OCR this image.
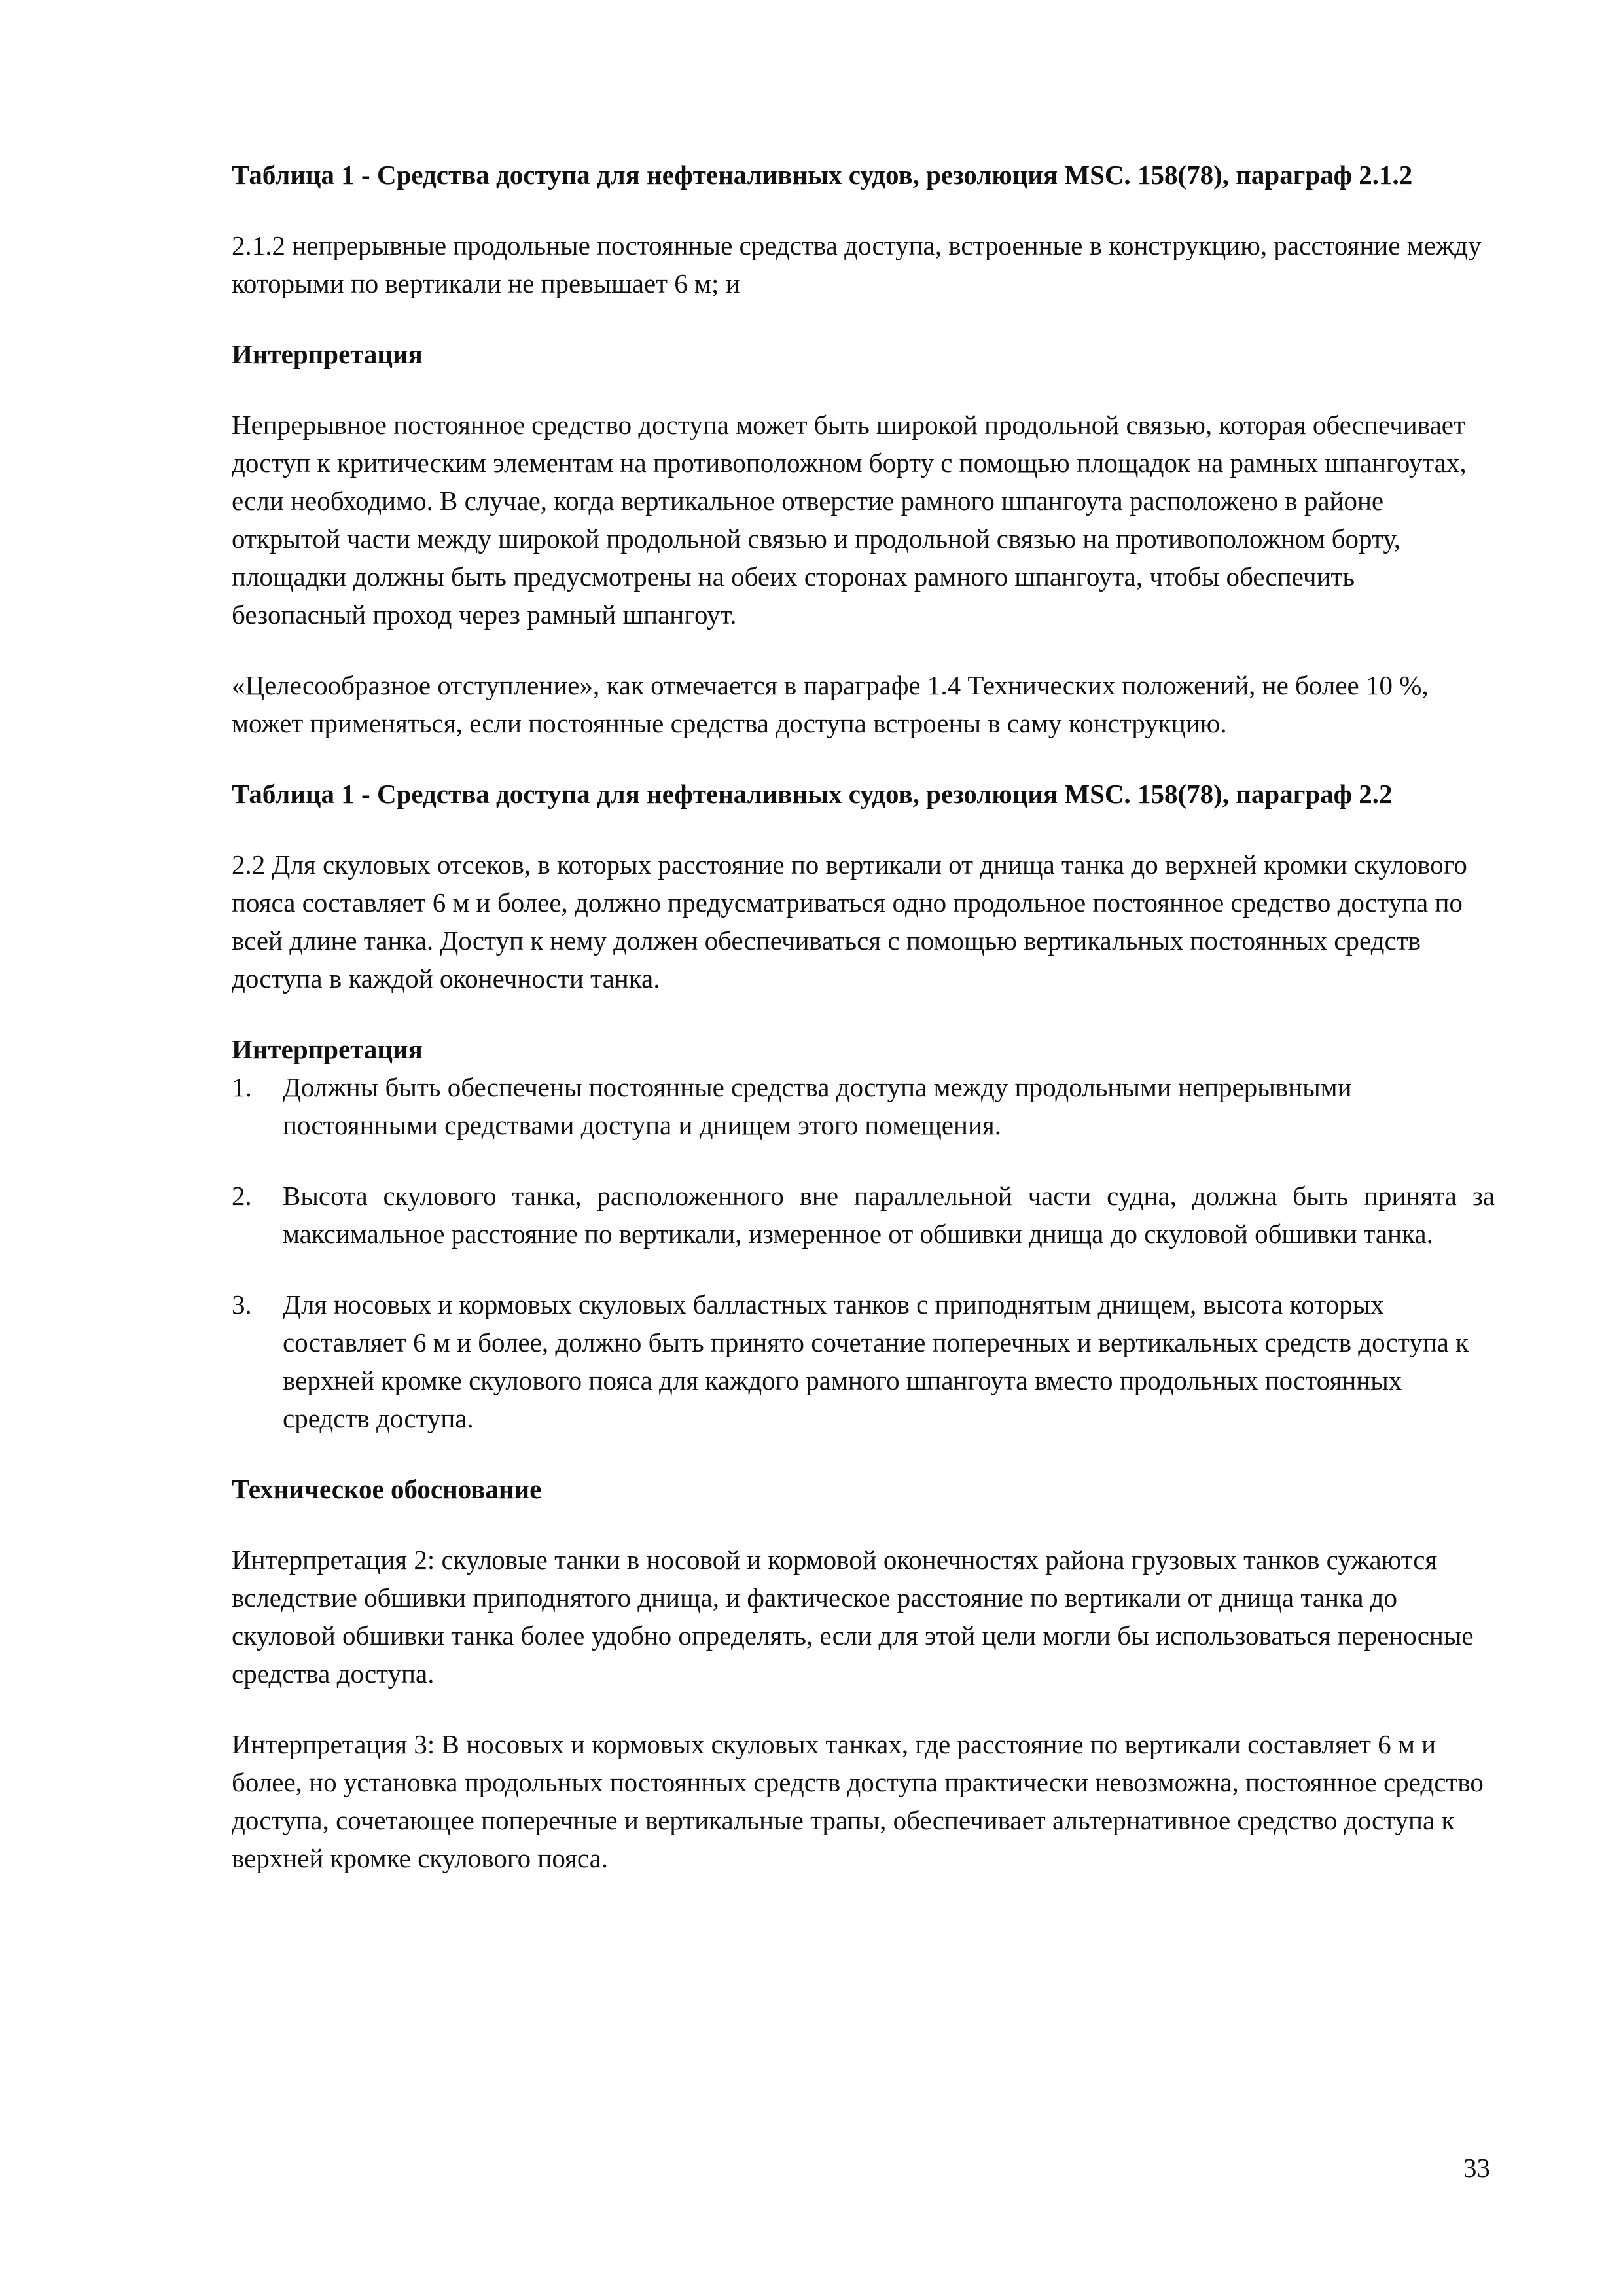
Таблица 1 - Средства доступа для нефтеналивных судов, резолюция MSC. 158(78), параграф 2.1.2

2.1.2 непрерывные продольные постоянные средства доступа, встроенные в конструкцию, расстояние между которыми по вертикали не превышает 6 м; и

Интерпретация

Непрерывное постоянное средство доступа может быть широкой продольной связью, которая обеспечивает доступ к критическим элементам на противоположном борту с помощью площадок на рамных шпангоутах, если необходимо. В случае, когда вертикальное отверстие рамного шпангоута расположено в районе открытой части между широкой продольной связью и продольной связью на противоположном борту, площадки должны быть предусмотрены на обеих сторонах рамного шпангоута, чтобы обеспечить безопасный проход через рамный шпангоут.

«Целесообразное отступление», как отмечается в параграфе 1.4 Технических положений, не более 10 %, может применяться, если постоянные средства доступа встроены в саму конструкцию.

Таблица 1 - Средства доступа для нефтеналивных судов, резолюция MSC. 158(78), параграф 2.2

2.2 Для скуловых отсеков, в которых расстояние по вертикали от днища танка до верхней кромки скулового пояса составляет 6 м и более, должно предусматриваться одно продольное постоянное средство доступа по всей длине танка. Доступ к нему должен обеспечиваться с помощью вертикальных постоянных средств доступа в каждой оконечности танка.

Интерпретация

1. Должны быть обеспечены постоянные средства доступа между продольными непрерывными постоянными средствами доступа и днищем этого помещения.
2. Высота скулового танка, расположенного вне параллельной части судна, должна быть принята за максимальное расстояние по вертикали, измеренное от обшивки днища до скуловой обшивки танка.
3. Для носовых и кормовых скуловых балластных танков с приподнятым днищем, высота которых составляет 6 м и более, должно быть принято сочетание поперечных и вертикальных средств доступа к верхней кромке скулового пояса для каждого рамного шпангоута вместо продольных постоянных средств доступа.

Техническое обоснование

Интерпретация 2: скуловые танки в носовой и кормовой оконечностях района грузовых танков сужаются вследствие обшивки приподнятого днища, и фактическое расстояние по вертикали от днища танка до скуловой обшивки танка более удобно определять, если для этой цели могли бы использоваться переносные средства доступа.

Интерпретация 3: В носовых и кормовых скуловых танках, где расстояние по вертикали составляет 6 м и более, но установка продольных постоянных средств доступа практически невозможна, постоянное средство доступа, сочетающее поперечные и вертикальные трапы, обеспечивает альтернативное средство доступа к верхней кромке скулового пояса.

33
